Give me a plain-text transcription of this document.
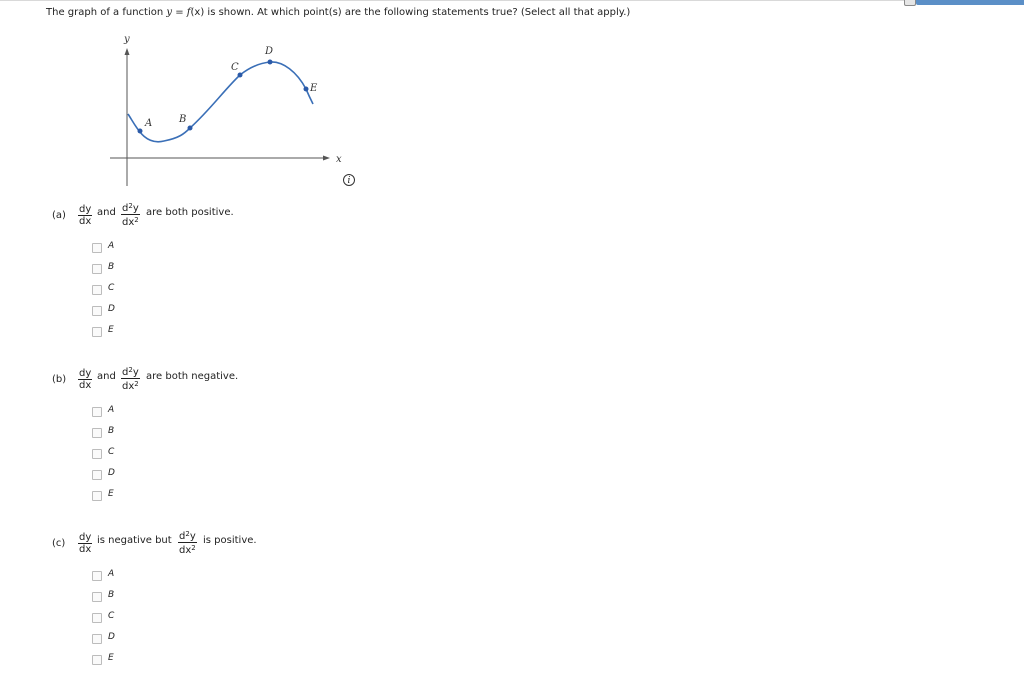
The graph of a function y = f(x) is shown. At which point(s) are the following statements true? (Select all that apply.)
x
y
A	B
C
D
E
i
$(a) \frac{dy}{dx}$ and $\frac{d^2y}{dx^2}$ are both positive.
A
B
C
D
E
$(b) \frac{dy}{dx}$ and $\frac{d^2y}{dx^2}$ are both negative.
A
B
C
D
E
$(c) \frac{dy}{dx}$ is negative but $\frac{d^2y}{dx^2}$ is positive.
A
B
C
D
E
